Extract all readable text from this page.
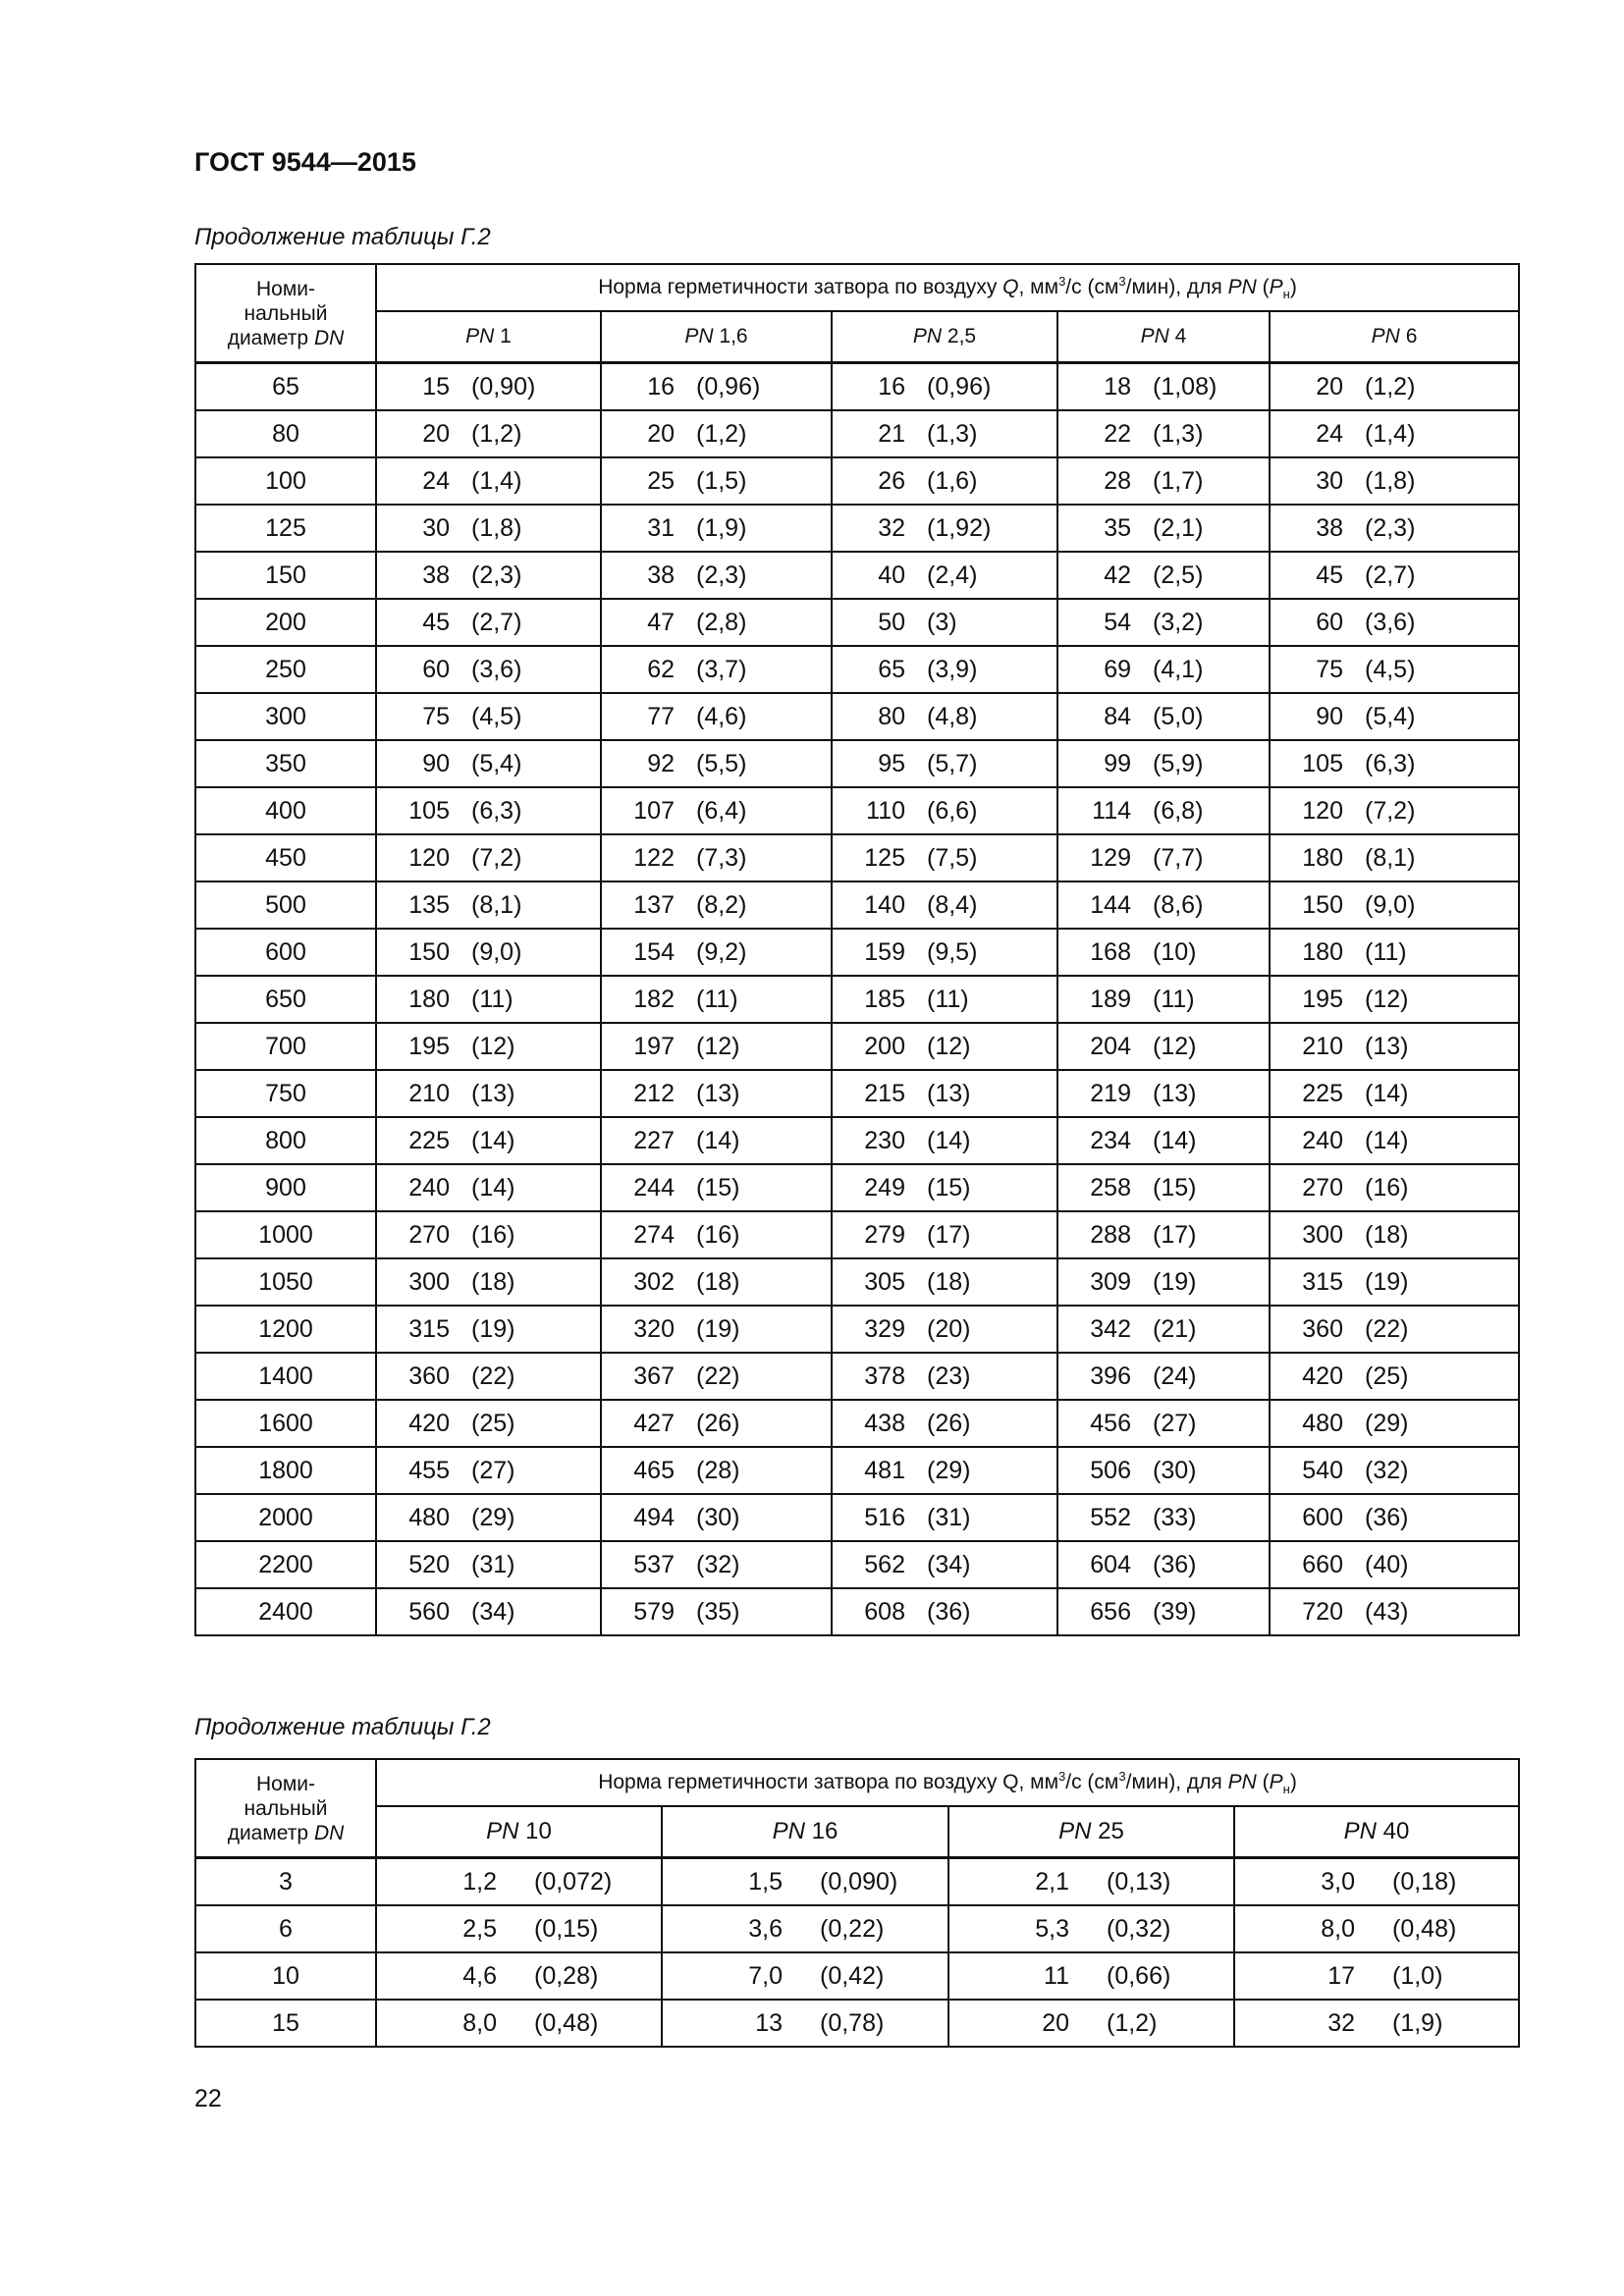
ГОСТ 9544—2015
Продолжение таблицы Г.2
Номи-
нальный
диаметр DN	Норма герметичности затвора по воздуху Q, $мм^3/с$ $(см^3/мин)$, для PN $(P_н)$				
	PN 1	PN 1,6	PN 2,5	PN 4	PN 6
65	15 (0,90)	16 (0,96)	16 (0,96)	18 (1,08)	20 (1,2)
80	20 (1,2)	20 (1,2)	21 (1,3)	22 (1,3)	24 (1,4)
100	24 (1,4)	25 (1,5)	26 (1,6)	28 (1,7)	30 (1,8)
125	30 (1,8)	31 (1,9)	32 (1,92)	35 (2,1)	38 (2,3)
150	38 (2,3)	38 (2,3)	40 (2,4)	42 (2,5)	45 (2,7)
200	45 (2,7)	47 (2,8)	50 (3)	54 (3,2)	60 (3,6)
250	60 (3,6)	62 (3,7)	65 (3,9)	69 (4,1)	75 (4,5)
300	75 (4,5)	77 (4,6)	80 (4,8)	84 (5,0)	90 (5,4)
350	90 (5,4)	92 (5,5)	95 (5,7)	99 (5,9)	105 (6,3)
400	105 (6,3)	107 (6,4)	110 (6,6)	114 (6,8)	120 (7,2)
450	120 (7,2)	122 (7,3)	125 (7,5)	129 (7,7)	180 (8,1)
500	135 (8,1)	137 (8,2)	140 (8,4)	144 (8,6)	150 (9,0)
600	150 (9,0)	154 (9,2)	159 (9,5)	168 (10)	180 (11)
650	180 (11)	182 (11)	185 (11)	189 (11)	195 (12)
700	195 (12)	197 (12)	200 (12)	204 (12)	210 (13)
750	210 (13)	212 (13)	215 (13)	219 (13)	225 (14)
800	225 (14)	227 (14)	230 (14)	234 (14)	240 (14)
900	240 (14)	244 (15)	249 (15)	258 (15)	270 (16)
1000	270 (16)	274 (16)	279 (17)	288 (17)	300 (18)
1050	300 (18)	302 (18)	305 (18)	309 (19)	315 (19)
1200	315 (19)	320 (19)	329 (20)	342 (21)	360 (22)
1400	360 (22)	367 (22)	378 (23)	396 (24)	420 (25)
1600	420 (25)	427 (26)	438 (26)	456 (27)	480 (29)
1800	455 (27)	465 (28)	481 (29)	506 (30)	540 (32)
2000	480 (29)	494 (30)	516 (31)	552 (33)	600 (36)
2200	520 (31)	537 (32)	562 (34)	604 (36)	660 (40)
2400	560 (34)	579 (35)	608 (36)	656 (39)	720 (43)
Продолжение таблицы Г.2
Номи-
нальный
диаметр DN	Норма герметичности затвора по воздуху Q, $мм^3/с$ $(см^3/мин)$, для PN $(P_н)$			
	PN 10	PN 16	PN 25	PN 40
3	1,2 (0,072)	1,5 (0,090)	2,1 (0,13)	3,0 (0,18)
6	2,5 (0,15)	3,6 (0,22)	5,3 (0,32)	8,0 (0,48)
10	4,6 (0,28)	7,0 (0,42)	11 (0,66)	17 (1,0)
15	8,0 (0,48)	13 (0,78)	20 (1,2)	32 (1,9)
22
